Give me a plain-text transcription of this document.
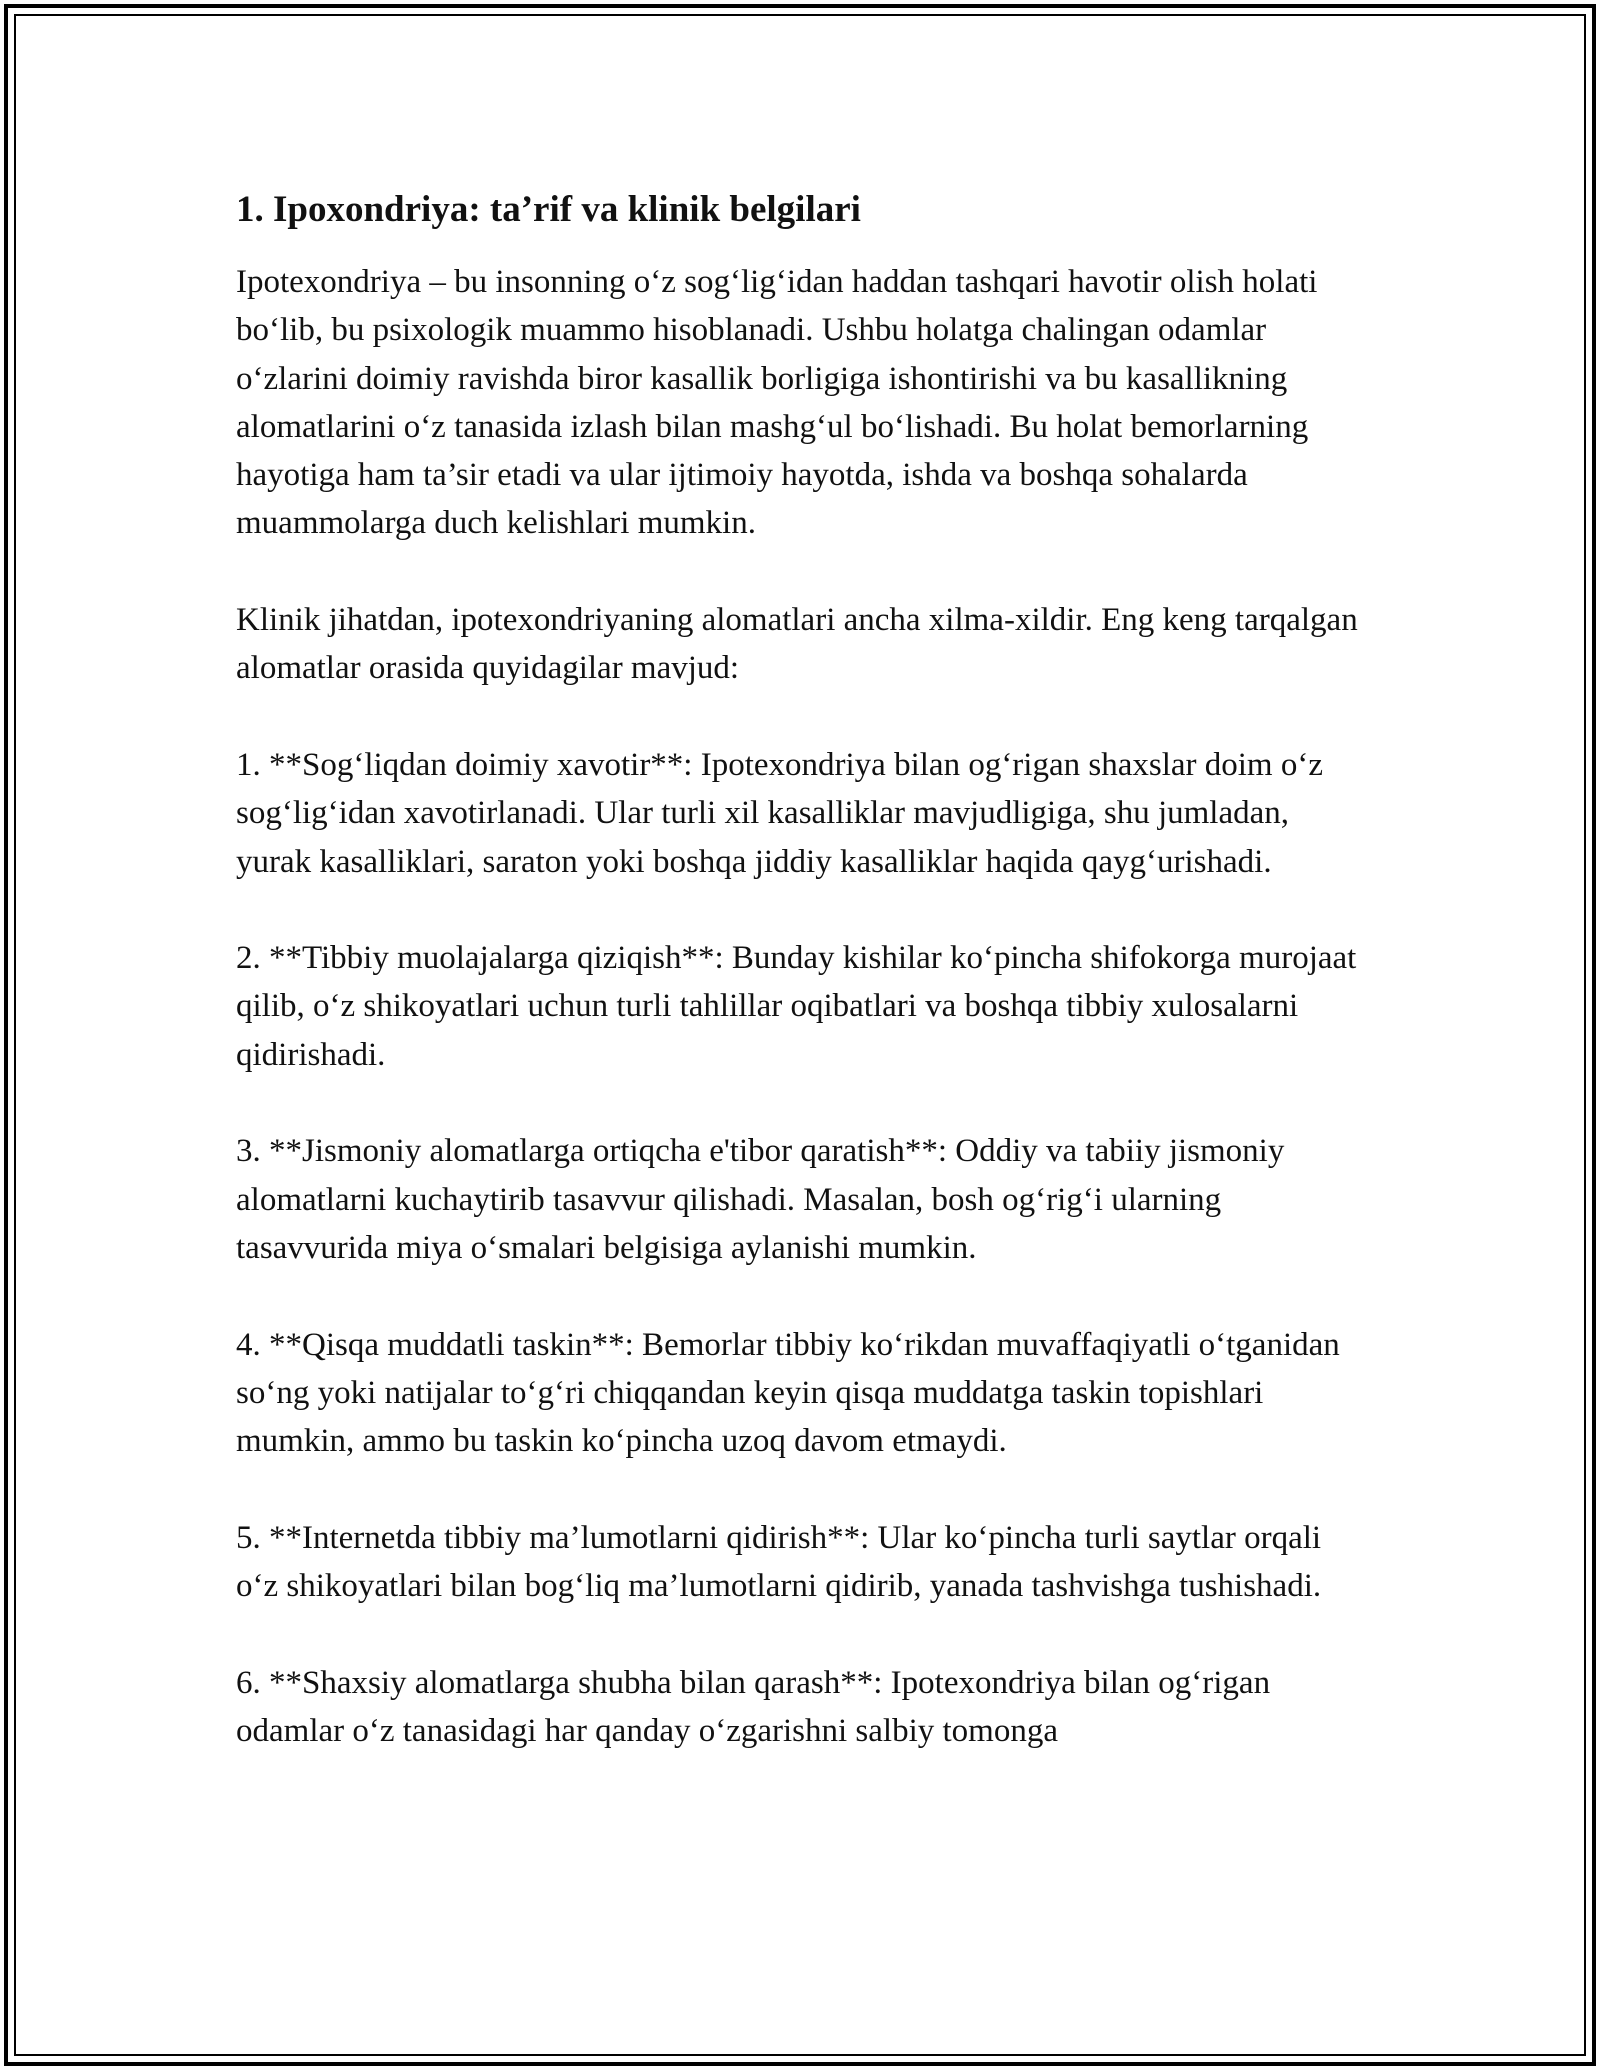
1. Ipoxondriya: ta’rif va klinik belgilari

Ipotexondriya – bu insonning o‘z sog‘lig‘idan haddan tashqari havotir olish holati bo‘lib, bu psixologik muammo hisoblanadi. Ushbu holatga chalingan odamlar o‘zlarini doimiy ravishda biror kasallik borligiga ishontirishi va bu kasallikning alomatlarini o‘z tanasida izlash bilan mashg‘ul bo‘lishadi. Bu holat bemorlarning hayotiga ham ta’sir etadi va ular ijtimoiy hayotda, ishda va boshqa sohalarda muammolarga duch kelishlari mumkin.

Klinik jihatdan, ipotexondriyaning alomatlari ancha xilma-xildir. Eng keng tarqalgan alomatlar orasida quyidagilar mavjud:

1. **Sog‘liqdan doimiy xavotir**: Ipotexondriya bilan og‘rigan shaxslar doim o‘z sog‘lig‘idan xavotirlanadi. Ular turli xil kasalliklar mavjudligiga, shu jumladan, yurak kasalliklari, saraton yoki boshqa jiddiy kasalliklar haqida qayg‘urishadi.

2. **Tibbiy muolajalarga qiziqish**: Bunday kishilar ko‘pincha shifokorga murojaat qilib, o‘z shikoyatlari uchun turli tahlillar oqibatlari va boshqa tibbiy xulosalarni qidirishadi.

3. **Jismoniy alomatlarga ortiqcha e'tibor qaratish**: Oddiy va tabiiy jismoniy alomatlarni kuchaytirib tasavvur qilishadi. Masalan, bosh og‘rig‘i ularning tasavvurida miya o‘smalari belgisiga aylanishi mumkin.

4. **Qisqa muddatli taskin**: Bemorlar tibbiy ko‘rikdan muvaffaqiyatli o‘tganidan so‘ng yoki natijalar to‘g‘ri chiqqandan keyin qisqa muddatga taskin topishlari mumkin, ammo bu taskin ko‘pincha uzoq davom etmaydi.

5. **Internetda tibbiy ma’lumotlarni qidirish**: Ular ko‘pincha turli saytlar orqali o‘z shikoyatlari bilan bog‘liq ma’lumotlarni qidirib, yanada tashvishga tushishadi.

6. **Shaxsiy alomatlarga shubha bilan qarash**: Ipotexondriya bilan og‘rigan odamlar o‘z tanasidagi har qanday o‘zgarishni salbiy tomonga
